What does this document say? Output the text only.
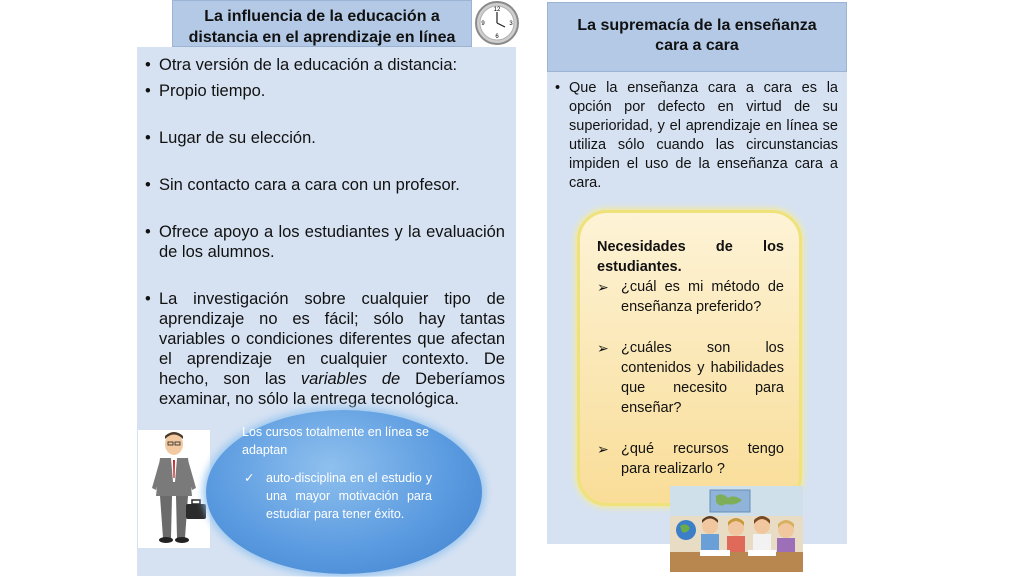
La influencia de la educación a distancia en el aprendizaje en línea
12
3
6
9
• Otra versión de la educación a distancia:
• Propio tiempo.
• Lugar de su elección.
• Sin contacto cara a cara con un profesor.
• Ofrece apoyo a los estudiantes y la evaluación de los alumnos.
• La investigación sobre cualquier tipo de aprendizaje no es fácil; sólo hay tantas variables o condiciones diferentes que afectan el aprendizaje en cualquier contexto. De hecho, son las variables de Deberíamos examinar, no sólo la entrega tecnológica.
Los cursos totalmente en línea se adaptan
✓ auto-disciplina en el estudio y una mayor motivación para estudiar para tener éxito.
La supremacía de la enseñanza cara a cara
• Que la enseñanza cara a cara es la opción por defecto en virtud de su superioridad, y el aprendizaje en línea se utiliza sólo cuando las circunstancias impiden el uso de la enseñanza cara a cara.
Necesidades de los estudiantes.
➢ ¿cuál es mi método de enseñanza preferido?
➢ ¿cuáles son los contenidos y habilidades que necesito para enseñar?
➢ ¿qué recursos tengo para realizarlo ?
